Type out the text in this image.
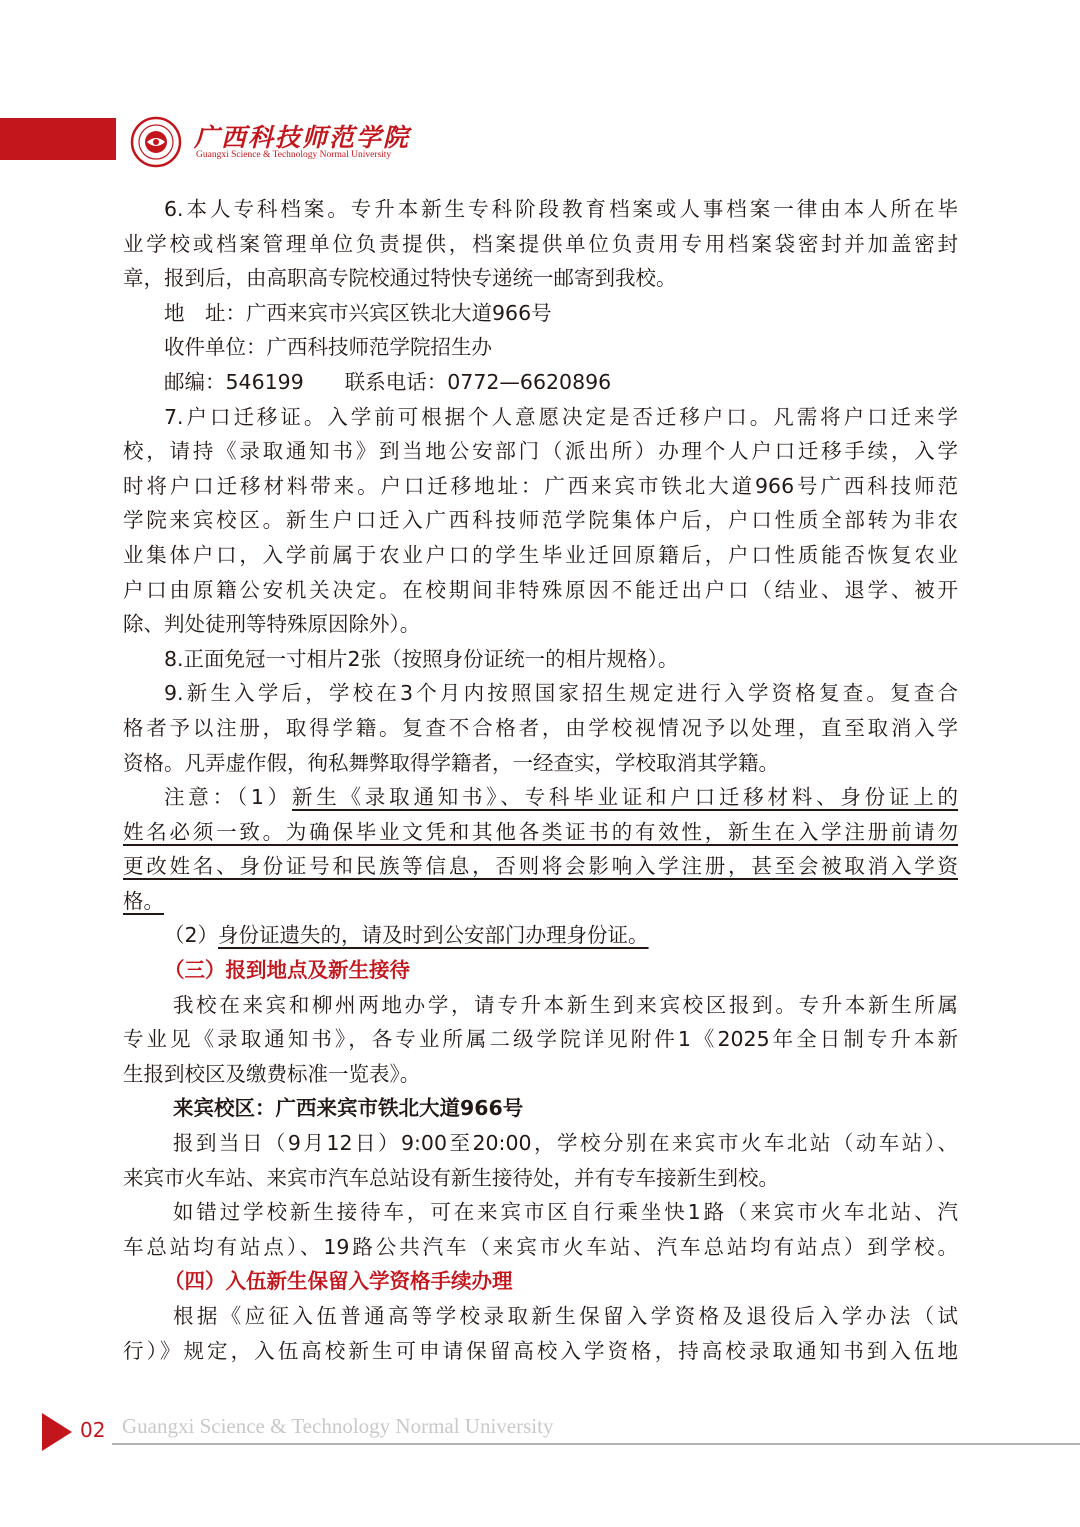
广西科技师范学院
Guangxi Science & Technology Normal University
6.本人专科档案。专升本新生专科阶段教育档案或人事档案一律由本人所在毕
业学校或档案管理单位负责提供，档案提供单位负责用专用档案袋密封并加盖密封
章，报到后，由高职高专院校通过特快专递统一邮寄到我校。
地　址：广西来宾市兴宾区铁北大道966号
收件单位：广西科技师范学院招生办
邮编：546199　　联系电话：0772—6620896
7.户口迁移证。入学前可根据个人意愿决定是否迁移户口。凡需将户口迁来学
校，请持《录取通知书》到当地公安部门（派出所）办理个人户口迁移手续，入学
时将户口迁移材料带来。户口迁移地址：广西来宾市铁北大道966号广西科技师范
学院来宾校区。新生户口迁入广西科技师范学院集体户后，户口性质全部转为非农
业集体户口，入学前属于农业户口的学生毕业迁回原籍后，户口性质能否恢复农业
户口由原籍公安机关决定。在校期间非特殊原因不能迁出户口（结业、退学、被开
除、判处徒刑等特殊原因除外）。
8.正面免冠一寸相片2张（按照身份证统一的相片规格）。
9.新生入学后，学校在3个月内按照国家招生规定进行入学资格复查。复查合
格者予以注册，取得学籍。复查不合格者，由学校视情况予以处理，直至取消入学
资格。凡弄虚作假，徇私舞弊取得学籍者，一经查实，学校取消其学籍。
注意：（1）新生《录取通知书》、专科毕业证和户口迁移材料、身份证上的
姓名必须一致。为确保毕业文凭和其他各类证书的有效性，新生在入学注册前请勿
更改姓名、身份证号和民族等信息，否则将会影响入学注册，甚至会被取消入学资
格。
（2）身份证遗失的，请及时到公安部门办理身份证。
（三）报到地点及新生接待
我校在来宾和柳州两地办学，请专升本新生到来宾校区报到。专升本新生所属
专业见《录取通知书》，各专业所属二级学院详见附件1《2025年全日制专升本新
生报到校区及缴费标准一览表》。
来宾校区：广西来宾市铁北大道966号
报到当日（9月12日）9:00至20:00，学校分别在来宾市火车北站（动车站）、
来宾市火车站、来宾市汽车总站设有新生接待处，并有专车接新生到校。
如错过学校新生接待车，可在来宾市区自行乘坐快1路（来宾市火车北站、汽
车总站均有站点）、19路公共汽车（来宾市火车站、汽车总站均有站点）到学校。
（四）入伍新生保留入学资格手续办理
根据《应征入伍普通高等学校录取新生保留入学资格及退役后入学办法（试
行）》规定，入伍高校新生可申请保留高校入学资格，持高校录取通知书到入伍地
02 Guangxi Science & Technology Normal University
